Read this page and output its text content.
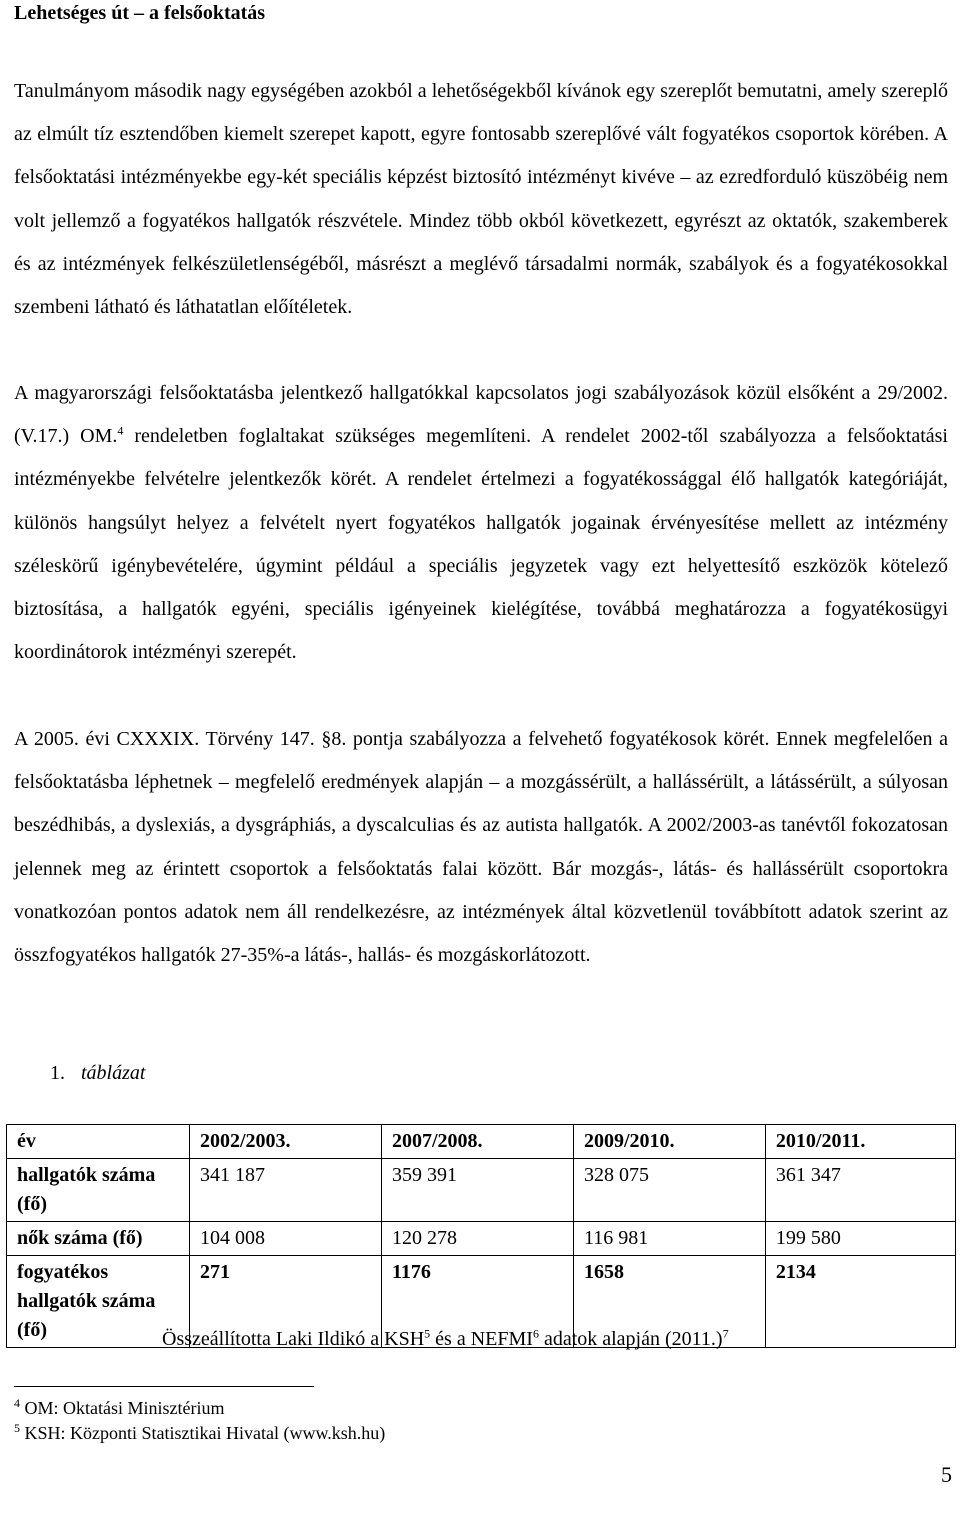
Lehetséges út – a felsőoktatás

Tanulmányom második nagy egységében azokból a lehetőségekből kívánok egy szereplőt bemutatni, amely szereplő az elmúlt tíz esztendőben kiemelt szerepet kapott, egyre fontosabb szereplővé vált fogyatékos csoportok körében. A felsőoktatási intézményekbe egy-két speciális képzést biztosító intézményt kivéve – az ezredforduló küszöbéig nem volt jellemző a fogyatékos hallgatók részvétele. Mindez több okból következett, egyrészt az oktatók, szakemberek és az intézmények felkészületlenségéből, másrészt a meglévő társadalmi normák, szabályok és a fogyatékosokkal szembeni látható és láthatatlan előítéletek.

A magyarországi felsőoktatásba jelentkező hallgatókkal kapcsolatos jogi szabályozások közül elsőként a 29/2002. (V.17.) OM.$^4$ rendeletben foglaltakat szükséges megemlíteni. A rendelet 2002-től szabályozza a felsőoktatási intézményekbe felvételre jelentkezők körét. A rendelet értelmezi a fogyatékossággal élő hallgatók kategóriáját, különös hangsúlyt helyez a felvételt nyert fogyatékos hallgatók jogainak érvényesítése mellett az intézmény széleskörű igénybevételére, úgymint például a speciális jegyzetek vagy ezt helyettesítő eszközök kötelező biztosítása, a hallgatók egyéni, speciális igényeinek kielégítése, továbbá meghatározza a fogyatékosügyi koordinátorok intézményi szerepét.

A 2005. évi CXXXIX. Törvény 147. §8. pontja szabályozza a felvehető fogyatékosok körét. Ennek megfelelően a felsőoktatásba léphetnek – megfelelő eredmények alapján – a mozgássérült, a hallássérült, a látássérült, a súlyosan beszédhibás, a dyslexiás, a dysgráphiás, a dyscalculias és az autista hallgatók. A 2002/2003-as tanévtől fokozatosan jelennek meg az érintett csoportok a felsőoktatás falai között. Bár mozgás-, látás- és hallássérült csoportokra vonatkozóan pontos adatok nem áll rendelkezésre, az intézmények által közvetlenül továbbított adatok szerint az összfogyatékos hallgatók 27-35%-a látás-, hallás- és mozgáskorlátozott.

1. táblázat
év	2002/2003.	2007/2008.	2009/2010.	2010/2011.
hallgatók száma (fő)	341 187	359 391	328 075	361 347
nők száma (fő)	104 008	120 278	116 981	199 580
fogyatékos hallgatók száma (fő)	271	1176	1658	2134
Összeállította Laki Ildikó a KSH$^5$ és a NEFMI$^6$ adatok alapján $(2011.)^7$
$^4$ OM: Oktatási Minisztérium
$^5$ KSH: Központi Statisztikai Hivatal (www.ksh.hu)
5
